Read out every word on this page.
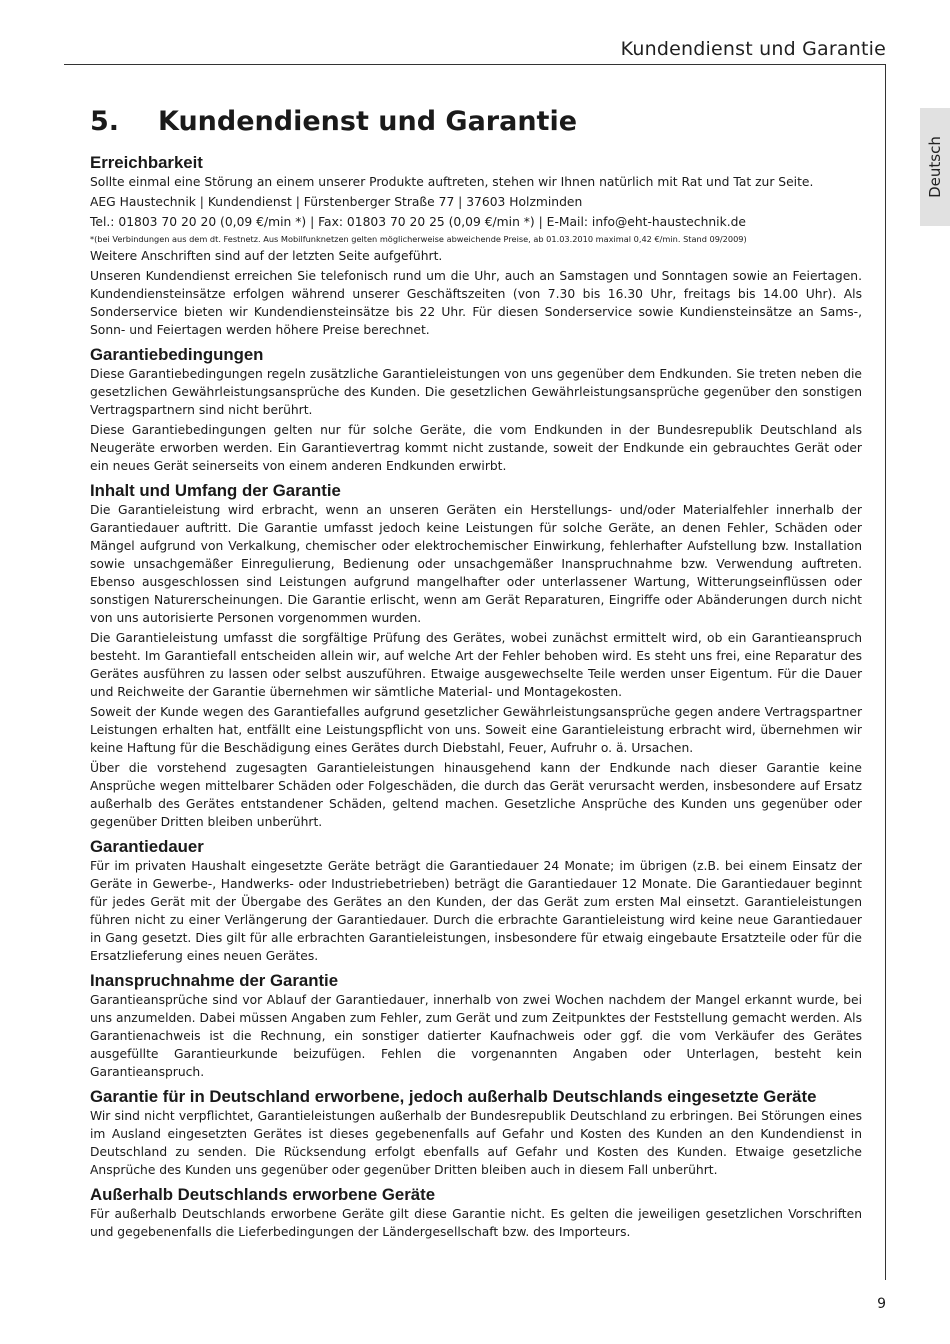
Kundendienst und Garantie
Deutsch
5.	Kundendienst und Garantie
Erreichbarkeit

Sollte einmal eine Störung an einem unserer Produkte auftreten, stehen wir Ihnen natürlich mit Rat und Tat zur Seite.

AEG Haustechnik | Kundendienst | Fürstenberger Straße 77 | 37603 Holzminden

Tel.: 01803 70 20 20 (0,09 €/min *) | Fax: 01803 70 20 25 (0,09 €/min *) | E-Mail: info@eht-haustechnik.de

*(bei Verbindungen aus dem dt. Festnetz. Aus Mobilfunknetzen gelten möglicherweise abweichende Preise, ab 01.03.2010 maximal 0,42 €/min. Stand 09/2009)

Weitere Anschriften sind auf der letzten Seite aufgeführt.

Unseren Kundendienst erreichen Sie telefonisch rund um die Uhr, auch an Samstagen und Sonntagen sowie an Feiertagen. Kundendiensteinsätze erfolgen während unserer Geschäftszeiten (von 7.30 bis 16.30 Uhr, freitags bis 14.00 Uhr). Als Sonderservice bieten wir Kundendiensteinsätze bis 22 Uhr. Für diesen Sonderservice sowie Kundiensteinsätze an Sams-, Sonn- und Feiertagen werden höhere Preise berechnet.

Garantiebedingungen

Diese Garantiebedingungen regeln zusätzliche Garantieleistungen von uns gegenüber dem Endkunden. Sie treten neben die gesetzlichen Gewährleistungsansprüche des Kunden. Die gesetzlichen Gewährleistungsansprüche gegenüber den sonstigen Vertragspartnern sind nicht berührt.

Diese Garantiebedingungen gelten nur für solche Geräte, die vom Endkunden in der Bundesrepublik Deutschland als Neugeräte erworben werden. Ein Garantievertrag kommt nicht zustande, soweit der Endkunde ein gebrauchtes Gerät oder ein neues Gerät seinerseits von einem anderen Endkunden erwirbt.

Inhalt und Umfang der Garantie

Die Garantieleistung wird erbracht, wenn an unseren Geräten ein Herstellungs- und/oder Materialfehler innerhalb der Garantiedauer auftritt. Die Garantie umfasst jedoch keine Leistungen für solche Geräte, an denen Fehler, Schäden oder Mängel aufgrund von Verkalkung, chemischer oder elektrochemischer Einwirkung, fehlerhafter Aufstellung bzw. Installation sowie unsachgemäßer Einregulierung, Bedienung oder unsachgemäßer Inanspruchnahme bzw. Verwendung auftreten. Ebenso ausgeschlossen sind Leistungen aufgrund mangelhafter oder unterlassener Wartung, Witterungseinflüssen oder sonstigen Naturerscheinungen. Die Garantie erlischt, wenn am Gerät Reparaturen, Eingriffe oder Abänderungen durch nicht von uns autorisierte Personen vorgenommen wurden.

Die Garantieleistung umfasst die sorgfältige Prüfung des Gerätes, wobei zunächst ermittelt wird, ob ein Garantieanspruch besteht. Im Garantiefall entscheiden allein wir, auf welche Art der Fehler behoben wird. Es steht uns frei, eine Reparatur des Gerätes ausführen zu lassen oder selbst auszuführen. Etwaige ausgewechselte Teile werden unser Eigentum. Für die Dauer und Reichweite der Garantie übernehmen wir sämtliche Material- und Montagekosten.

Soweit der Kunde wegen des Garantiefalles aufgrund gesetzlicher Gewährleistungsansprüche gegen andere Vertragspartner Leistungen erhalten hat, entfällt eine Leistungspflicht von uns. Soweit eine Garantieleistung erbracht wird, übernehmen wir keine Haftung für die Beschädigung eines Gerätes durch Diebstahl, Feuer, Aufruhr o. ä. Ursachen.

Über die vorstehend zugesagten Garantieleistungen hinausgehend kann der Endkunde nach dieser Garantie keine Ansprüche wegen mittelbarer Schäden oder Folgeschäden, die durch das Gerät verursacht werden, insbesondere auf Ersatz außerhalb des Gerätes entstandener Schäden, geltend machen. Gesetzliche Ansprüche des Kunden uns gegenüber oder gegenüber Dritten bleiben unberührt.

Garantiedauer

Für im privaten Haushalt eingesetzte Geräte beträgt die Garantiedauer 24 Monate; im übrigen (z.B. bei einem Einsatz der Geräte in Gewerbe-, Handwerks- oder Industriebetrieben) beträgt die Garantiedauer 12 Monate. Die Garantiedauer beginnt für jedes Gerät mit der Übergabe des Gerätes an den Kunden, der das Gerät zum ersten Mal einsetzt. Garantieleistungen führen nicht zu einer Verlängerung der Garantiedauer. Durch die erbrachte Garantieleistung wird keine neue Garantiedauer in Gang gesetzt. Dies gilt für alle erbrachten Garantieleistungen, insbesondere für etwaig eingebaute Ersatzteile oder für die Ersatzlieferung eines neuen Gerätes.

Inanspruchnahme der Garantie

Garantieansprüche sind vor Ablauf der Garantiedauer, innerhalb von zwei Wochen nachdem der Mangel erkannt wurde, bei uns anzumelden. Dabei müssen Angaben zum Fehler, zum Gerät und zum Zeitpunktes der Feststellung gemacht werden. Als Garantienachweis ist die Rechnung, ein sonstiger datierter Kaufnachweis oder ggf. die vom Verkäufer des Gerätes ausgefüllte Garantieurkunde beizufügen. Fehlen die vorgenannten Angaben oder Unterlagen, besteht kein Garantieanspruch.

Garantie für in Deutschland erworbene, jedoch außerhalb Deutschlands eingesetzte Geräte

Wir sind nicht verpflichtet, Garantieleistungen außerhalb der Bundesrepublik Deutschland zu erbringen. Bei Störungen eines im Ausland eingesetzten Gerätes ist dieses gegebenenfalls auf Gefahr und Kosten des Kunden an den Kundendienst in Deutschland zu senden. Die Rücksendung erfolgt ebenfalls auf Gefahr und Kosten des Kunden. Etwaige gesetzliche Ansprüche des Kunden uns gegenüber oder gegenüber Dritten bleiben auch in diesem Fall unberührt.

Außerhalb Deutschlands erworbene Geräte

Für außerhalb Deutschlands erworbene Geräte gilt diese Garantie nicht. Es gelten die jeweiligen gesetzlichen Vorschriften und gegebenenfalls die Lieferbedingungen der Ländergesellschaft bzw. des Importeurs.

9
